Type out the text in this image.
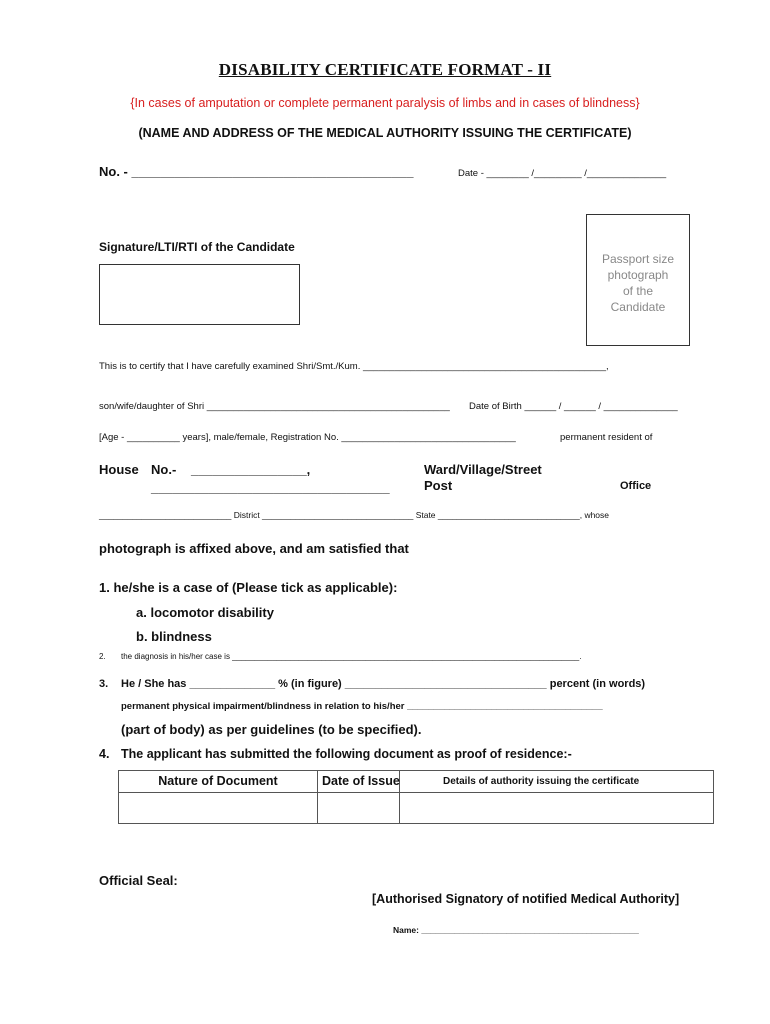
DISABILITY CERTIFICATE FORMAT - II
{In cases of amputation or complete permanent paralysis of limbs and in cases of blindness}
(NAME AND ADDRESS OF THE MEDICAL AUTHORITY ISSUING THE CERTIFICATE)
No. - _______________________________________	Date - ________ /_________ /_______________
Passport size
photograph
of the
Candidate
Signature/LTI/RTI of the Candidate
This is to certify that I have carefully examined Shri/Smt./Kum. ______________________________________________,
son/wife/daughter of Shri ______________________________________________ Date of Birth ______ / ______ / ______________
[Age - __________ years], male/female, Registration No. _________________________________	permanent resident of
House No.- ________________,
_________________________________
Ward/Village/Street
Post	Office
____________________________ District ________________________________ State ______________________________, whose
photograph is affixed above, and am satisfied that
1. he/she is a case of (Please tick as applicable):
a. locomotor disability
b. blindness
2. the diagnosis in his/her case is ______________________________________________________________________________.
3. He / She has ______________ % (in figure) _________________________________ percent (in words)
permanent physical impairment/blindness in relation to his/her _____________________________________
(part of body) as per guidelines (to be specified).
4. The applicant has submitted the following document as proof of residence:-
Nature of Document	Date of Issue	Details of authority issuing the certificate
Official Seal:
[Authorised Signatory of notified Medical Authority]
Name: ______________________________________________
